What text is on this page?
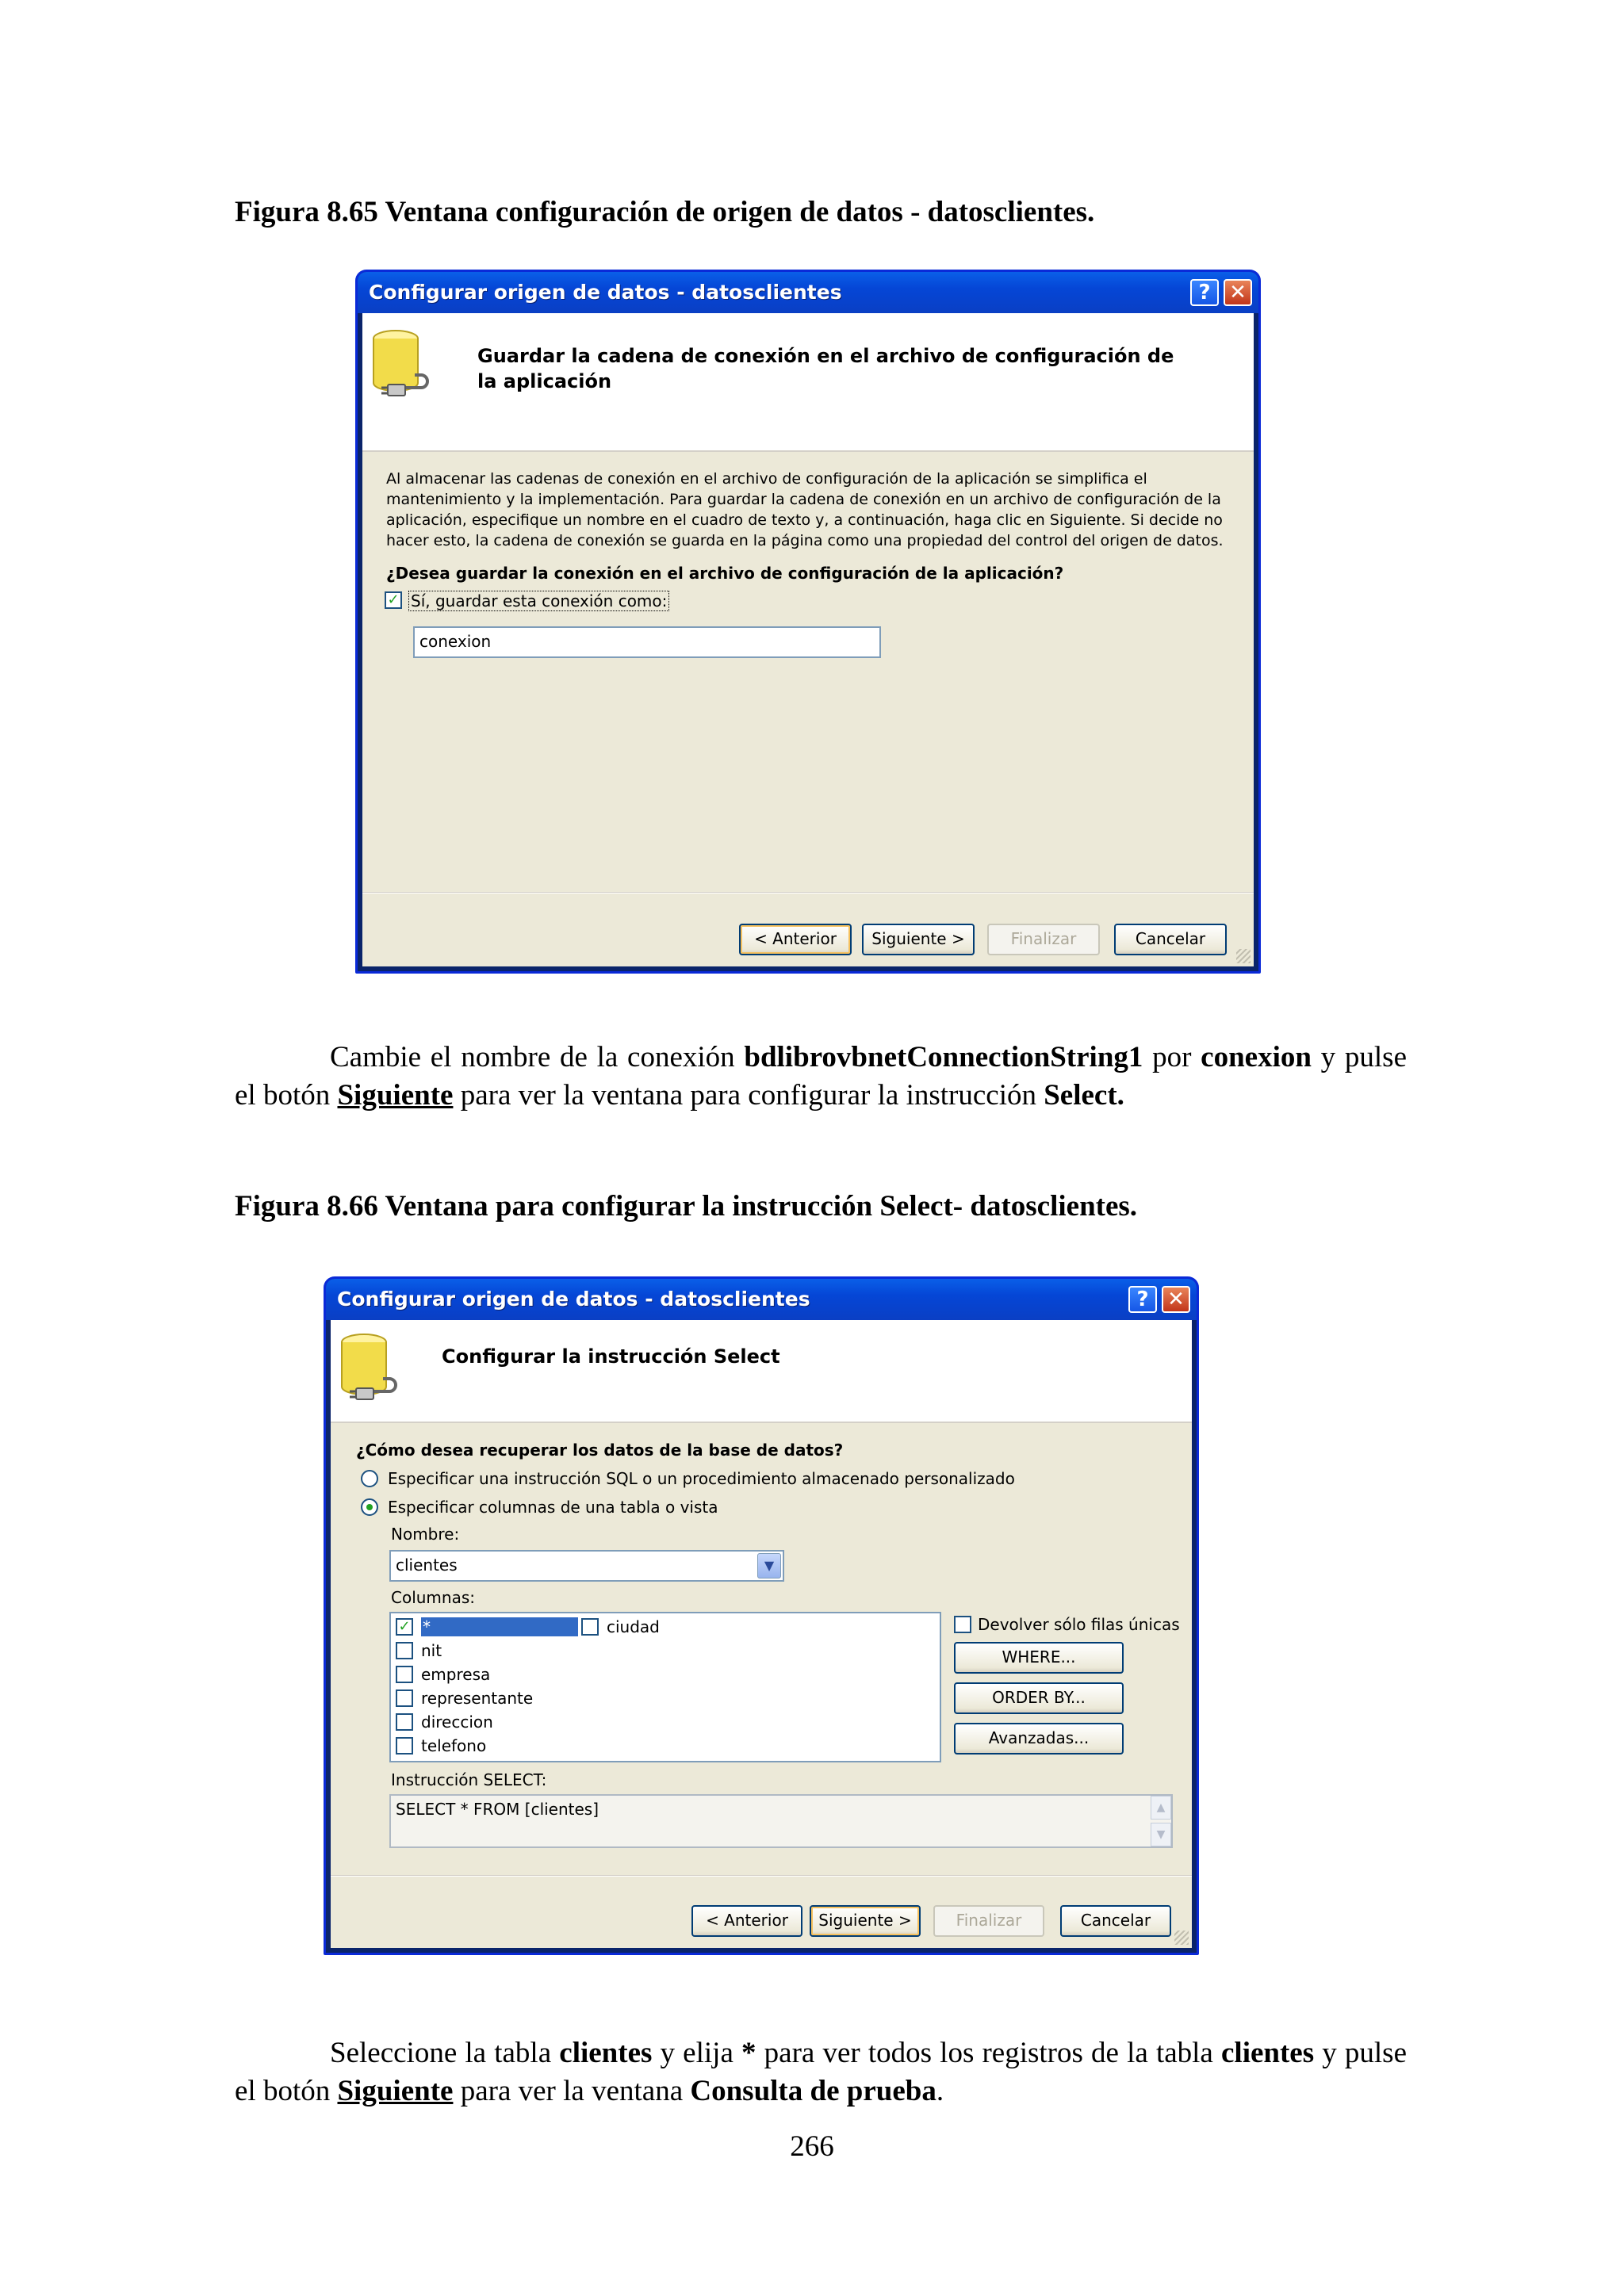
Figura 8.65 Ventana configuración de origen de datos - datosclientes.
Configurar origen de datos - datosclientes	? ✕
Guardar la cadena de conexión en el archivo de configuración de la aplicación
Al almacenar las cadenas de conexión en el archivo de configuración de la aplicación se simplifica el mantenimiento y la implementación. Para guardar la cadena de conexión en un archivo de configuración de la aplicación, especifique un nombre en el cuadro de texto y, a continuación, haga clic en Siguiente. Si decide no hacer esto, la cadena de conexión se guarda en la página como una propiedad del control del origen de datos.
¿Desea guardar la conexión en el archivo de configuración de la aplicación?
✓ Sí, guardar esta conexión como:
conexion
< Anterior	Siguiente >	Finalizar	Cancelar
Cambie el nombre de la conexión bdlibrovbnetConnectionString1 por conexion y pulse el botón Siguiente para ver la ventana para configurar la instrucción Select.
Figura 8.66 Ventana para configurar la instrucción Select- datosclientes.
Configurar origen de datos - datosclientes	? ✕
Configurar la instrucción Select
¿Cómo desea recuperar los datos de la base de datos?
Especificar una instrucción SQL o un procedimiento almacenado personalizado
Especificar columnas de una tabla o vista
Nombre:
clientes	▼
Columnas:
✓ *
nit
empresa
representante
direccion
telefono
ciudad	Devolver sólo filas únicas
WHERE...
ORDER BY...
Avanzadas...
Instrucción SELECT:
SELECT * FROM [clientes]	▲
▼
< Anterior	Siguiente >	Finalizar	Cancelar
Seleccione la tabla clientes y elija * para ver todos los registros de la tabla clientes y pulse el botón Siguiente para ver la ventana Consulta de prueba.
266
